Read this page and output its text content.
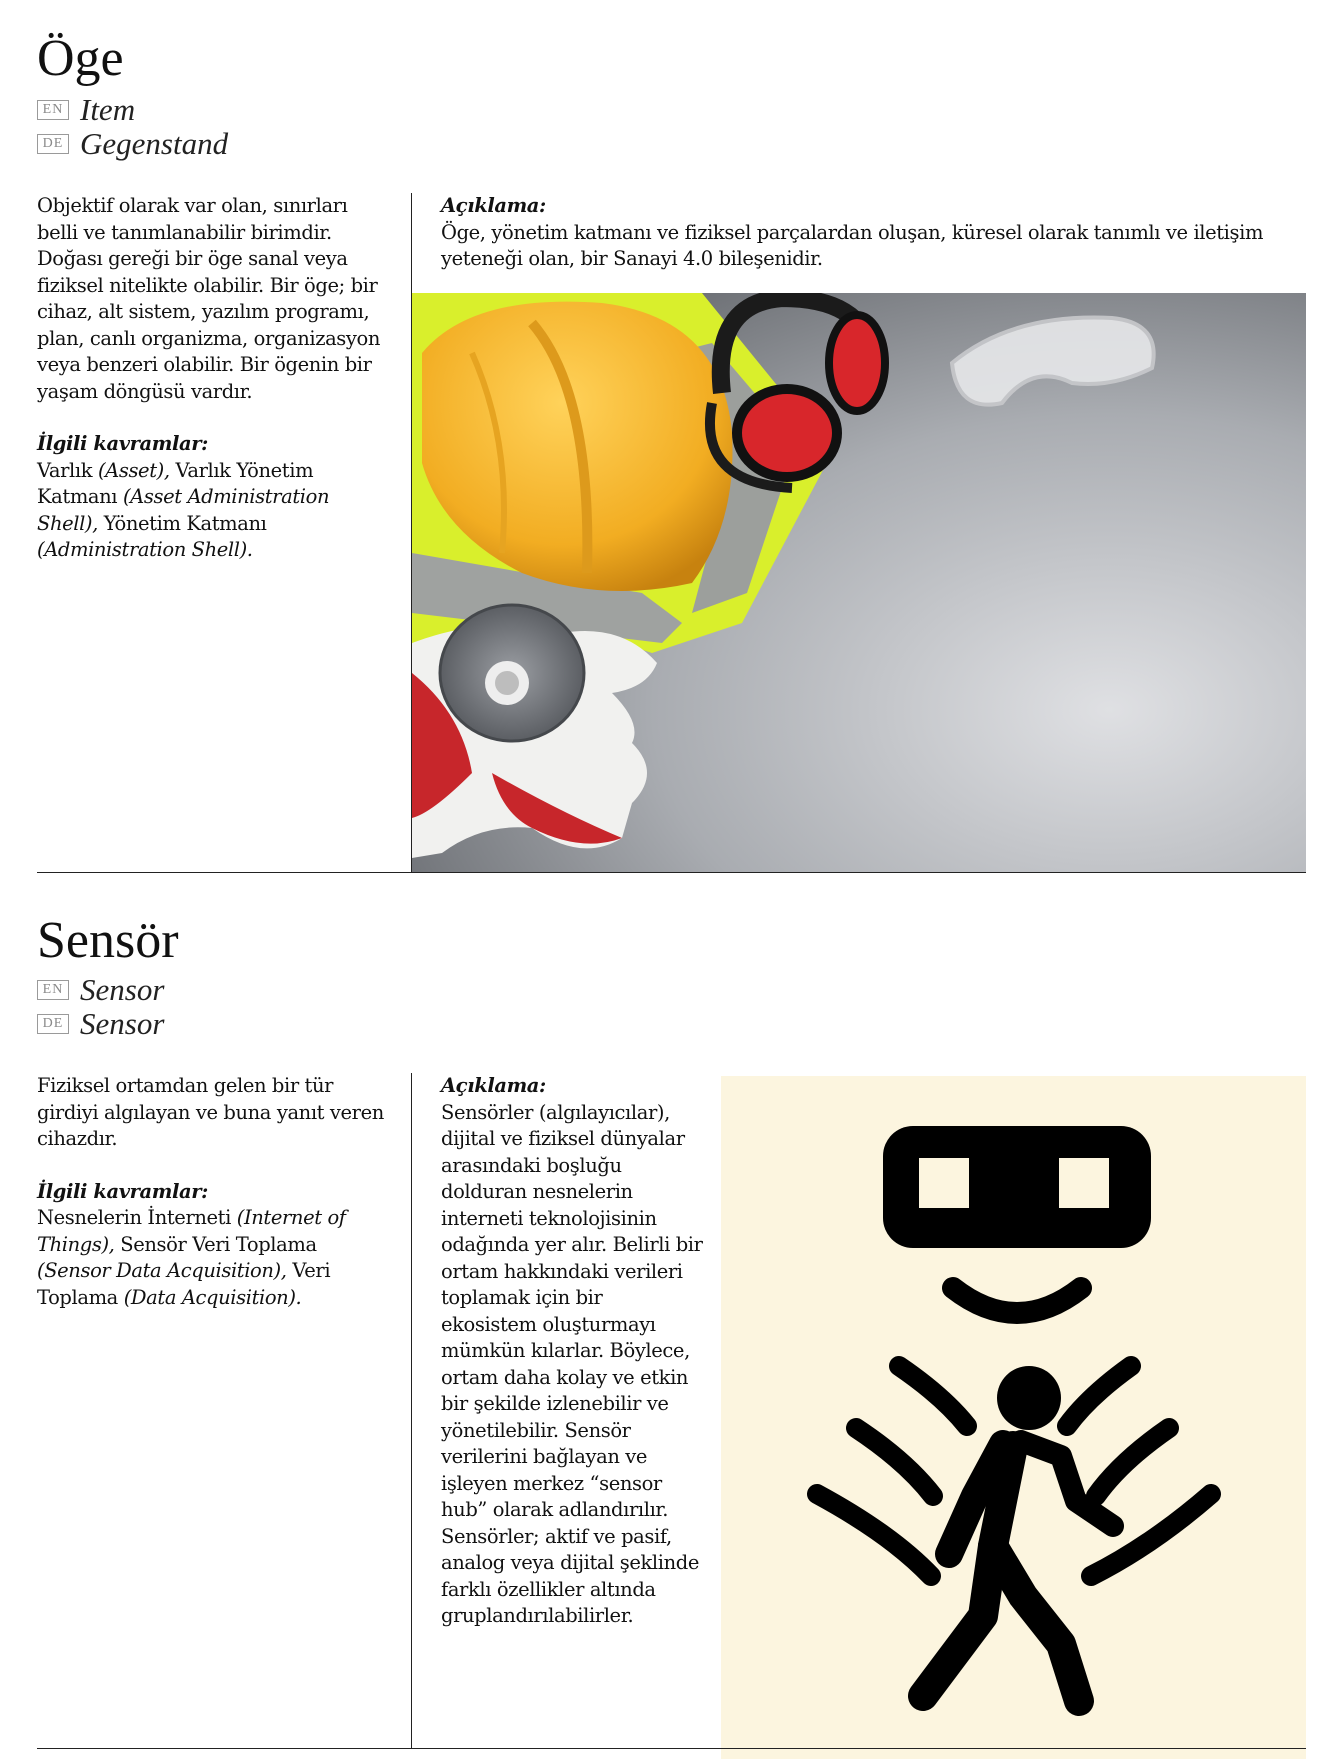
Öge
EN Item
DE Gegenstand

Objektif olarak var olan, sınırları belli ve tanımlanabilir birimdir. Doğası gereği bir öge sanal veya fiziksel nitelikte olabilir. Bir öge; bir cihaz, alt sistem, yazılım programı, plan, canlı organizma, organizasyon veya benzeri olabilir. Bir ögenin bir yaşam döngüsü vardır.

İlgili kavramlar:

Varlık (Asset), Varlık Yönetim Katmanı (Asset Administration Shell), Yönetim Katmanı (Administration Shell).

Açıklama:

Öge, yönetim katmanı ve fiziksel parçalardan oluşan, küresel olarak tanımlı ve iletişim yeteneği olan, bir Sanayi 4.0 bileşenidir.

Sensör
EN Sensor
DE Sensor

Fiziksel ortamdan gelen bir tür girdiyi algılayan ve buna yanıt veren cihazdır.

İlgili kavramlar:

Nesnelerin İnterneti (Internet of Things), Sensör Veri Toplama (Sensor Data Acquisition), Veri Toplama (Data Acquisition).

Açıklama:

Sensörler (algılayıcılar), dijital ve fiziksel dünyalar arasındaki boşluğu dolduran nesnelerin interneti teknolojisinin odağında yer alır. Belirli bir ortam hakkındaki verileri toplamak için bir ekosistem oluşturmayı mümkün kılarlar. Böylece, ortam daha kolay ve etkin bir şekilde izlenebilir ve yönetilebilir. Sensör verilerini bağlayan ve işleyen merkez “sensor hub” olarak adlandırılır. Sensörler; aktif ve pasif, analog veya dijital şeklinde farklı özellikler altında gruplandırılabilirler.
